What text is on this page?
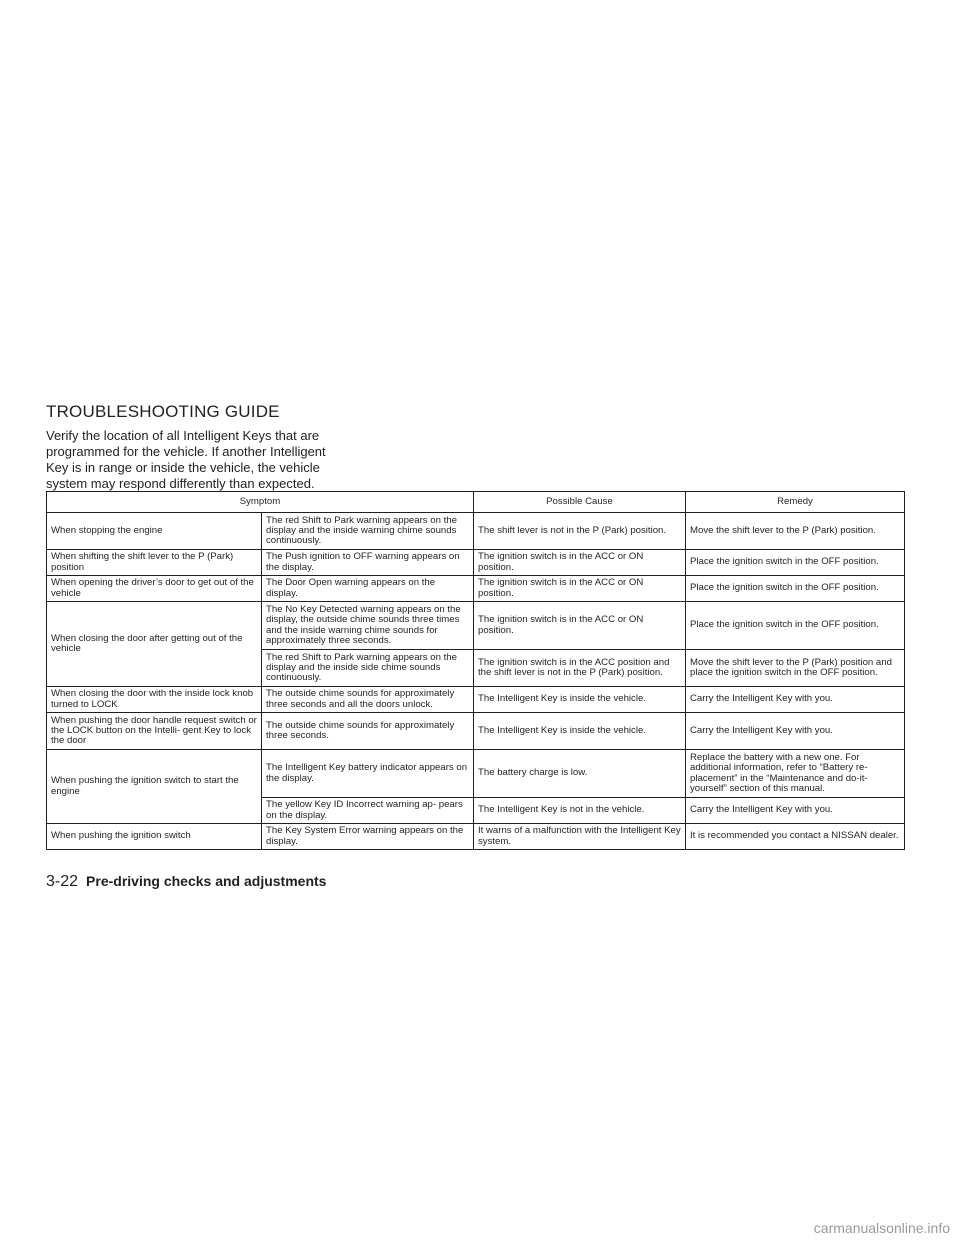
TROUBLESHOOTING GUIDE

Verify the location of all Intelligent Keys that are programmed for the vehicle. If another Intelligent Key is in range or inside the vehicle, the vehicle system may respond differently than expected.

Symptom		Possible Cause	Remedy
When stopping the engine	The red Shift to Park warning appears on the display and the inside warning chime sounds continuously.	The shift lever is not in the P (Park) position.	Move the shift lever to the P (Park) position.
When shifting the shift lever to the P (Park) position	The Push ignition to OFF warning appears on the display.	The ignition switch is in the ACC or ON position.	Place the ignition switch in the OFF position.
When opening the driver’s door to get out of the vehicle	The Door Open warning appears on the display.	The ignition switch is in the ACC or ON position.	Place the ignition switch in the OFF position.
When closing the door after getting out of the vehicle	The No Key Detected warning appears on the display, the outside chime sounds three times and the inside warning chime sounds for approximately three seconds.	The ignition switch is in the ACC or ON position.	Place the ignition switch in the OFF position.
	The red Shift to Park warning appears on the display and the inside side chime sounds continuously.	The ignition switch is in the ACC position and the shift lever is not in the P (Park) position.	Move the shift lever to the P (Park) position and place the ignition switch in the OFF position.
When closing the door with the inside lock knob turned to LOCK	The outside chime sounds for approximately three seconds and all the doors unlock.	The Intelligent Key is inside the vehicle.	Carry the Intelligent Key with you.
When pushing the door handle request switch or the LOCK button on the Intelli- gent Key to lock the door	The outside chime sounds for approximately three seconds.	The Intelligent Key is inside the vehicle.	Carry the Intelligent Key with you.
When pushing the ignition switch to start the engine	The Intelligent Key battery indicator appears on the display.	The battery charge is low.	Replace the battery with a new one. For additional information, refer to “Battery re- placement” in the “Maintenance and do-it- yourself” section of this manual.
	The yellow Key ID Incorrect warning ap- pears on the display.	The Intelligent Key is not in the vehicle.	Carry the Intelligent Key with you.
When pushing the ignition switch	The Key System Error warning appears on the display.	It warns of a malfunction with the Intelligent Key system.	It is recommended you contact a NISSAN dealer.
3-22 Pre-driving checks and adjustments
carmanualsonline.info
